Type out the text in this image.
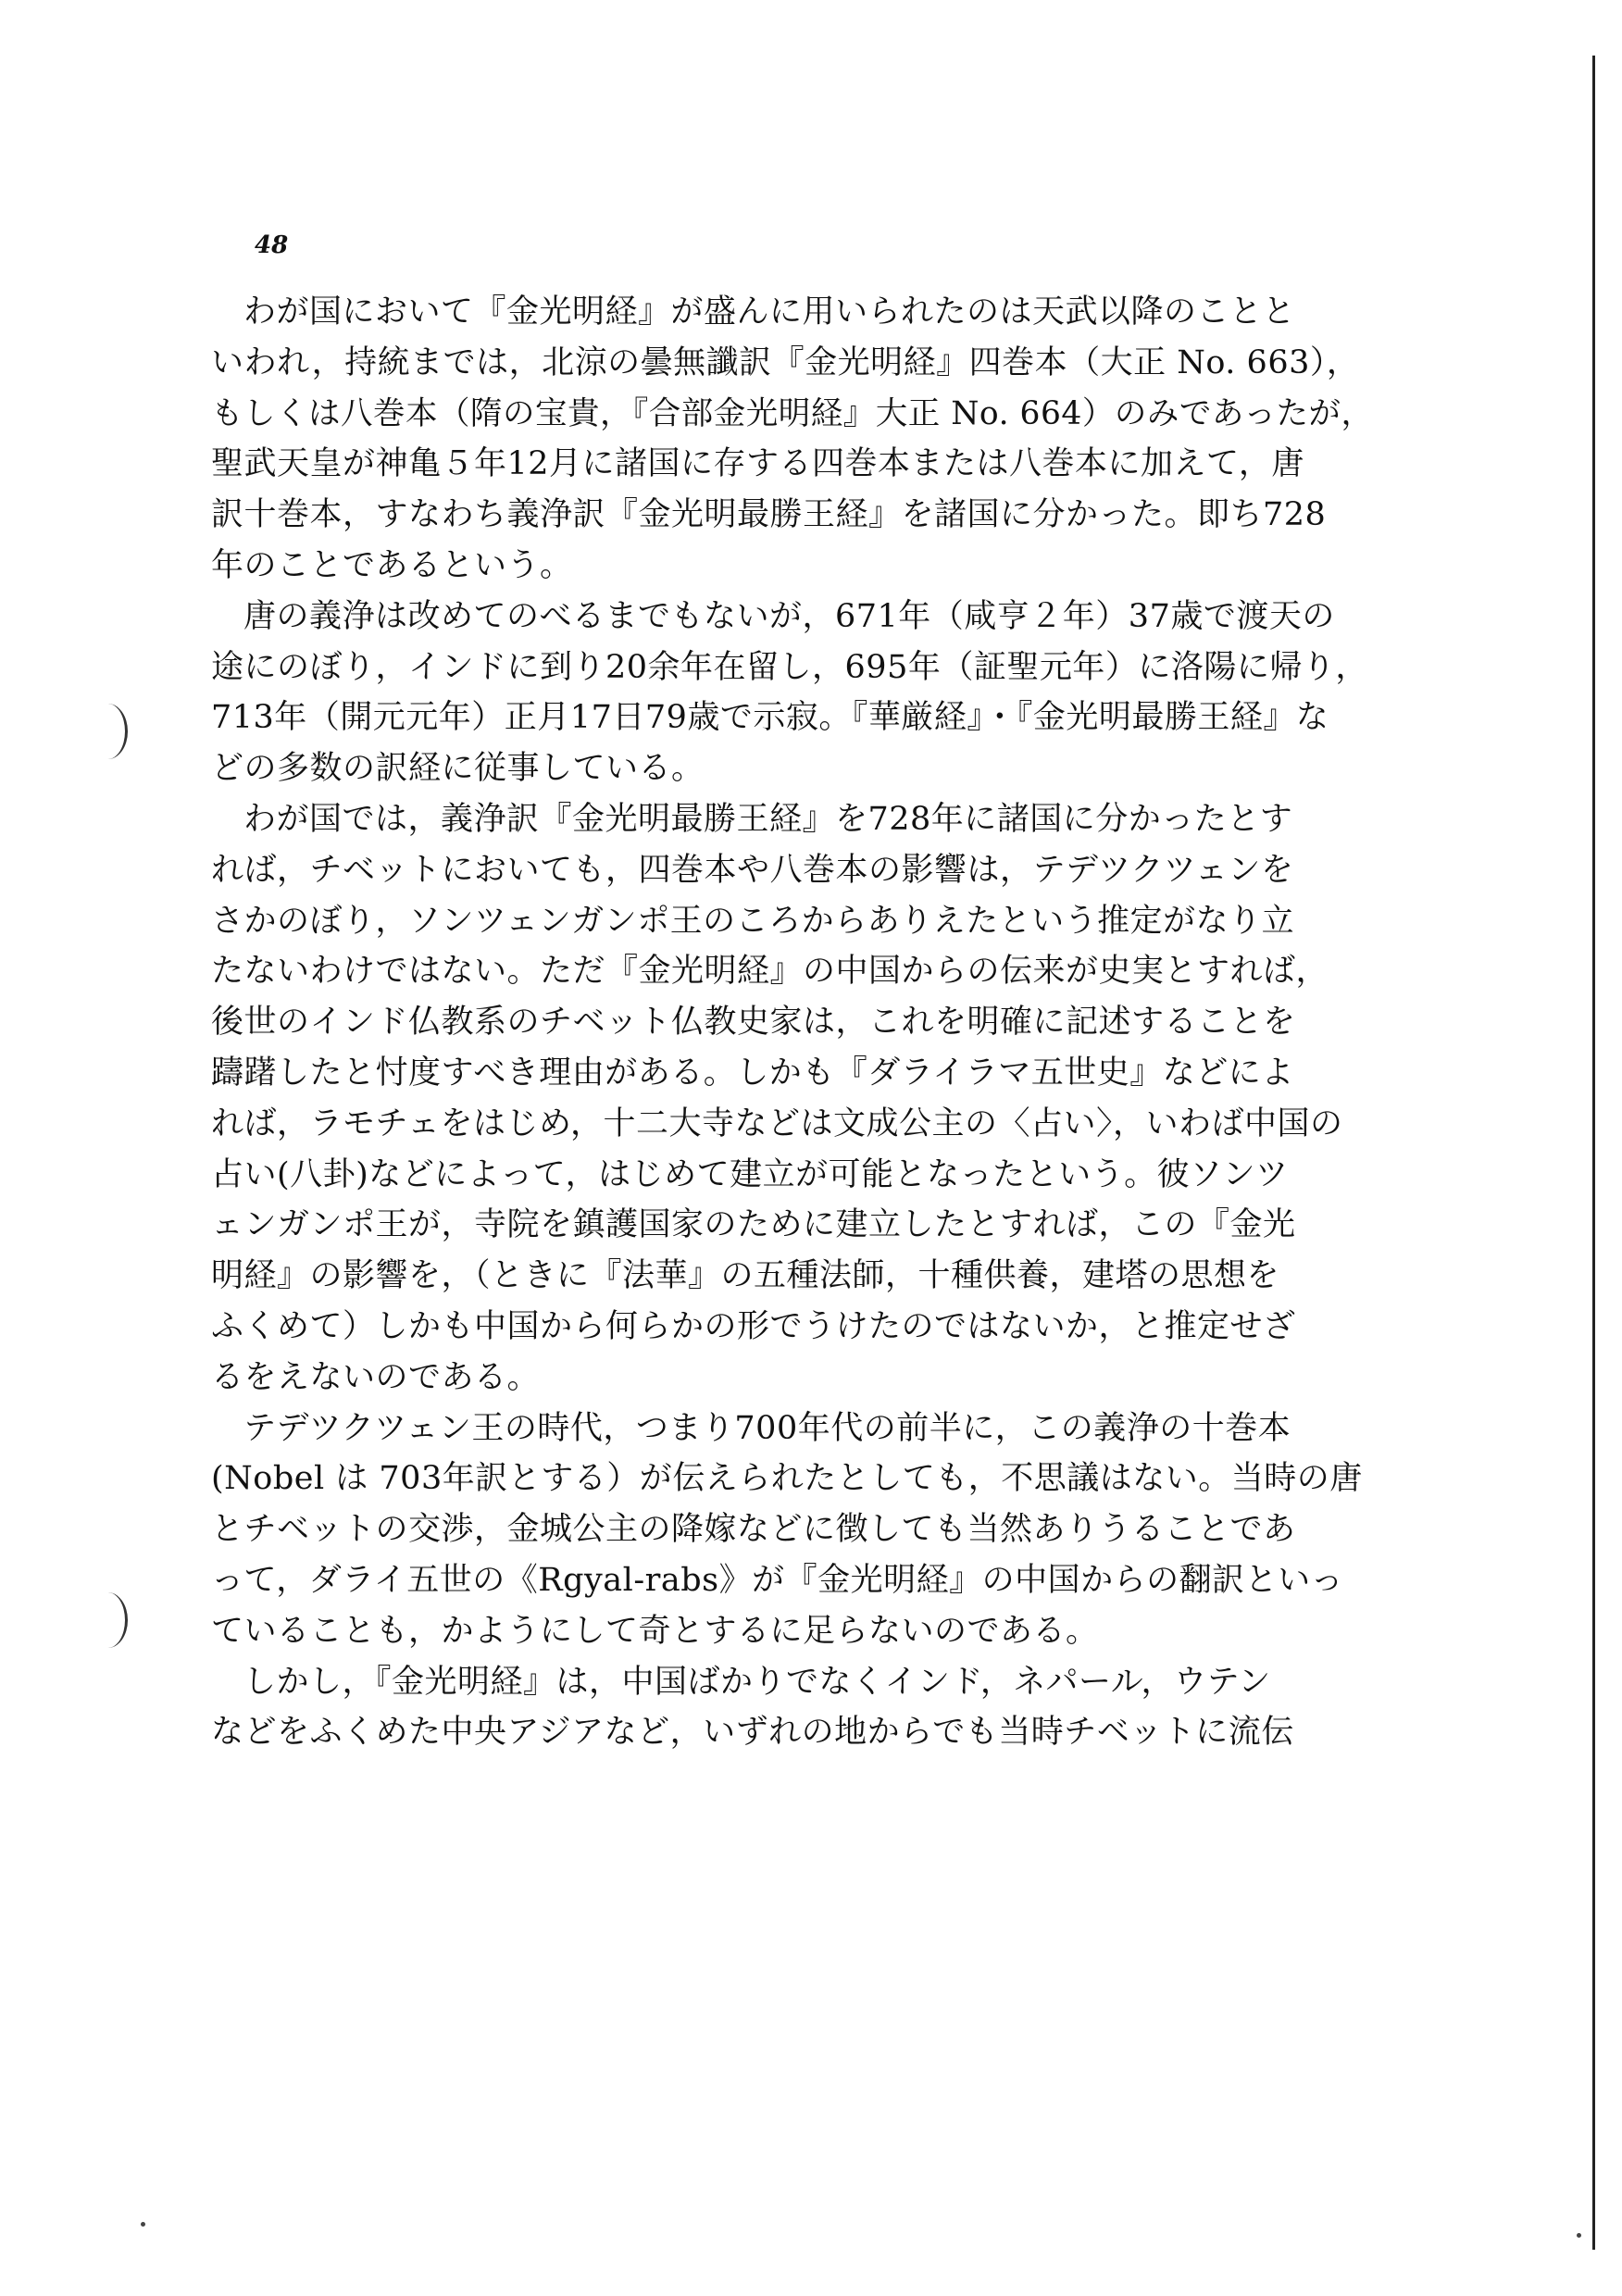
48
わが国において『金光明経』が盛んに用いられたのは天武以降のことと
いわれ，持統までは，北涼の曇無讖訳『金光明経』四巻本（大正 No. 663），
もしくは八巻本（隋の宝貴，『合部金光明経』大正 No. 664）のみであったが，
聖武天皇が神亀５年12月に諸国に存する四巻本または八巻本に加えて，唐
訳十巻本，すなわち義浄訳『金光明最勝王経』を諸国に分かった。即ち728
年のことであるという。
唐の義浄は改めてのべるまでもないが，671年（咸亨２年）37歳で渡天の
途にのぼり，インドに到り20余年在留し，695年（証聖元年）に洛陽に帰り，
713年（開元元年）正月17日79歳で示寂。『華厳経』・『金光明最勝王経』な
どの多数の訳経に従事している。
わが国では，義浄訳『金光明最勝王経』を728年に諸国に分かったとす
れば，チベットにおいても，四巻本や八巻本の影響は，テデツクツェンを
さかのぼり，ソンツェンガンポ王のころからありえたという推定がなり立
たないわけではない。ただ『金光明経』の中国からの伝来が史実とすれば，
後世のインド仏教系のチベット仏教史家は，これを明確に記述することを
躊躇したと忖度すべき理由がある。しかも『ダライラマ五世史』などによ
れば，ラモチェをはじめ，十二大寺などは文成公主の〈占い〉，いわば中国の
占い(八卦)などによって，はじめて建立が可能となったという。彼ソンツ
ェンガンポ王が，寺院を鎮護国家のために建立したとすれば，この『金光
明経』の影響を，（ときに『法華』の五種法師，十種供養，建塔の思想を
ふくめて）しかも中国から何らかの形でうけたのではないか，と推定せざ
るをえないのである。
テデツクツェン王の時代，つまり700年代の前半に，この義浄の十巻本
(Nobel は 703年訳とする）が伝えられたとしても，不思議はない。当時の唐
とチベットの交渉，金城公主の降嫁などに徴しても当然ありうることであ
って，ダライ五世の《Rgyal-rabs》が『金光明経』の中国からの翻訳といっ
ていることも，かようにして奇とするに足らないのである。
しかし，『金光明経』は，中国ばかりでなくインド，ネパール，ウテン
などをふくめた中央アジアなど，いずれの地からでも当時チベットに流伝
